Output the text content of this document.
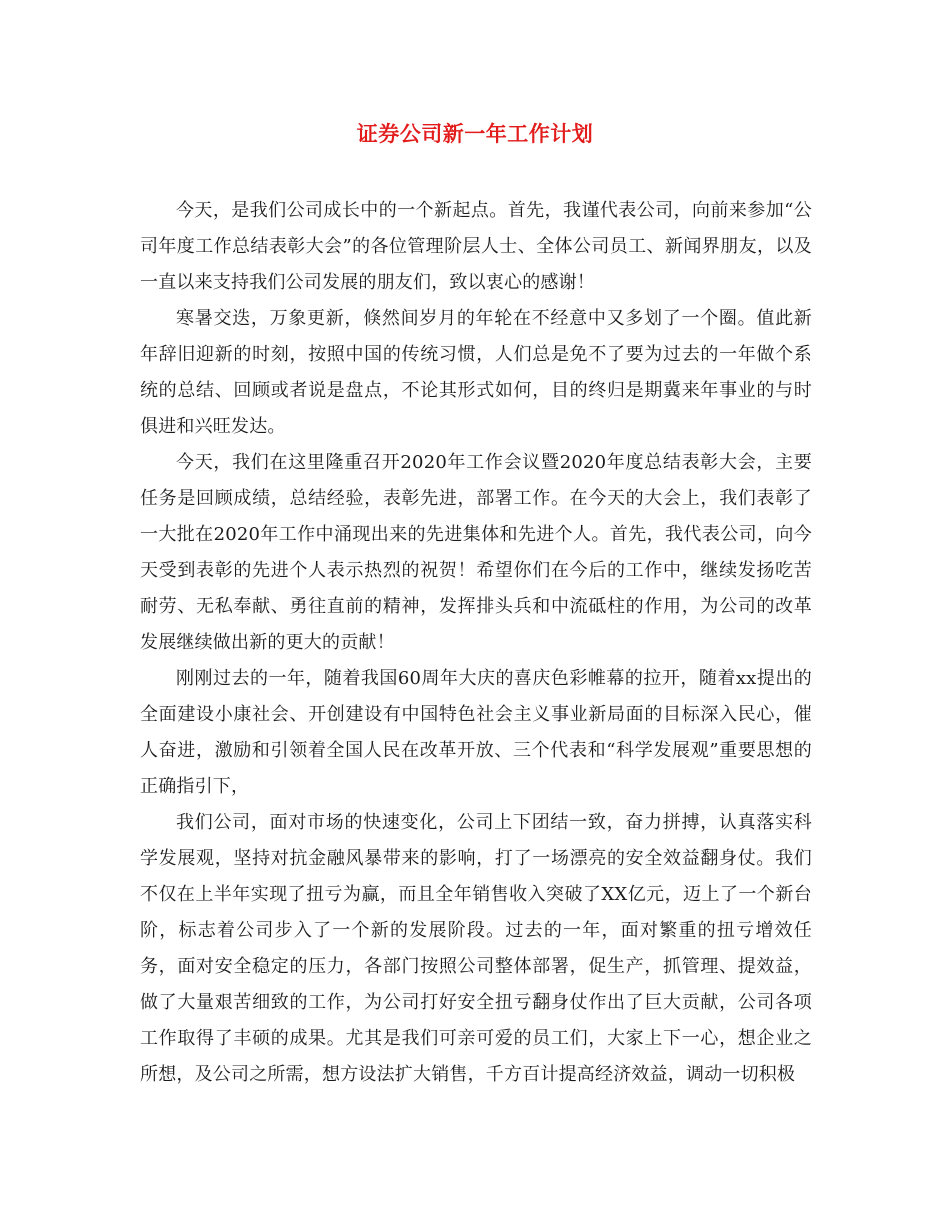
证券公司新一年工作计划

今天，是我们公司成长中的一个新起点。首先，我谨代表公司，向前来参加“公司年度工作总结表彰大会”的各位管理阶层人士、全体公司员工、新闻界朋友，以及一直以来支持我们公司发展的朋友们，致以衷心的感谢！

寒暑交迭，万象更新，倏然间岁月的年轮在不经意中又多划了一个圈。值此新年辞旧迎新的时刻，按照中国的传统习惯，人们总是免不了要为过去的一年做个系统的总结、回顾或者说是盘点，不论其形式如何，目的终归是期冀来年事业的与时俱进和兴旺发达。

今天，我们在这里隆重召开2020年工作会议暨2020年度总结表彰大会，主要任务是回顾成绩，总结经验，表彰先进，部署工作。在今天的大会上，我们表彰了一大批在2020年工作中涌现出来的先进集体和先进个人。首先，我代表公司，向今天受到表彰的先进个人表示热烈的祝贺！希望你们在今后的工作中，继续发扬吃苦耐劳、无私奉献、勇往直前的精神，发挥排头兵和中流砥柱的作用，为公司的改革发展继续做出新的更大的贡献！

刚刚过去的一年，随着我国60周年大庆的喜庆色彩帷幕的拉开，随着xx提出的全面建设小康社会、开创建设有中国特色社会主义事业新局面的目标深入民心，催人奋进，激励和引领着全国人民在改革开放、三个代表和“科学发展观”重要思想的正确指引下，

我们公司，面对市场的快速变化，公司上下团结一致，奋力拼搏，认真落实科学发展观，坚持对抗金融风暴带来的影响，打了一场漂亮的安全效益翻身仗。我们不仅在上半年实现了扭亏为赢，而且全年销售收入突破了XX亿元，迈上了一个新台阶，标志着公司步入了一个新的发展阶段。过去的一年，面对繁重的扭亏增效任务，面对安全稳定的压力，各部门按照公司整体部署，促生产，抓管理、提效益，做了大量艰苦细致的工作，为公司打好安全扭亏翻身仗作出了巨大贡献，公司各项工作取得了丰硕的成果。尤其是我们可亲可爱的员工们，大家上下一心，想企业之所想，及公司之所需，想方设法扩大销售，千方百计提高经济效益，调动一切积极
